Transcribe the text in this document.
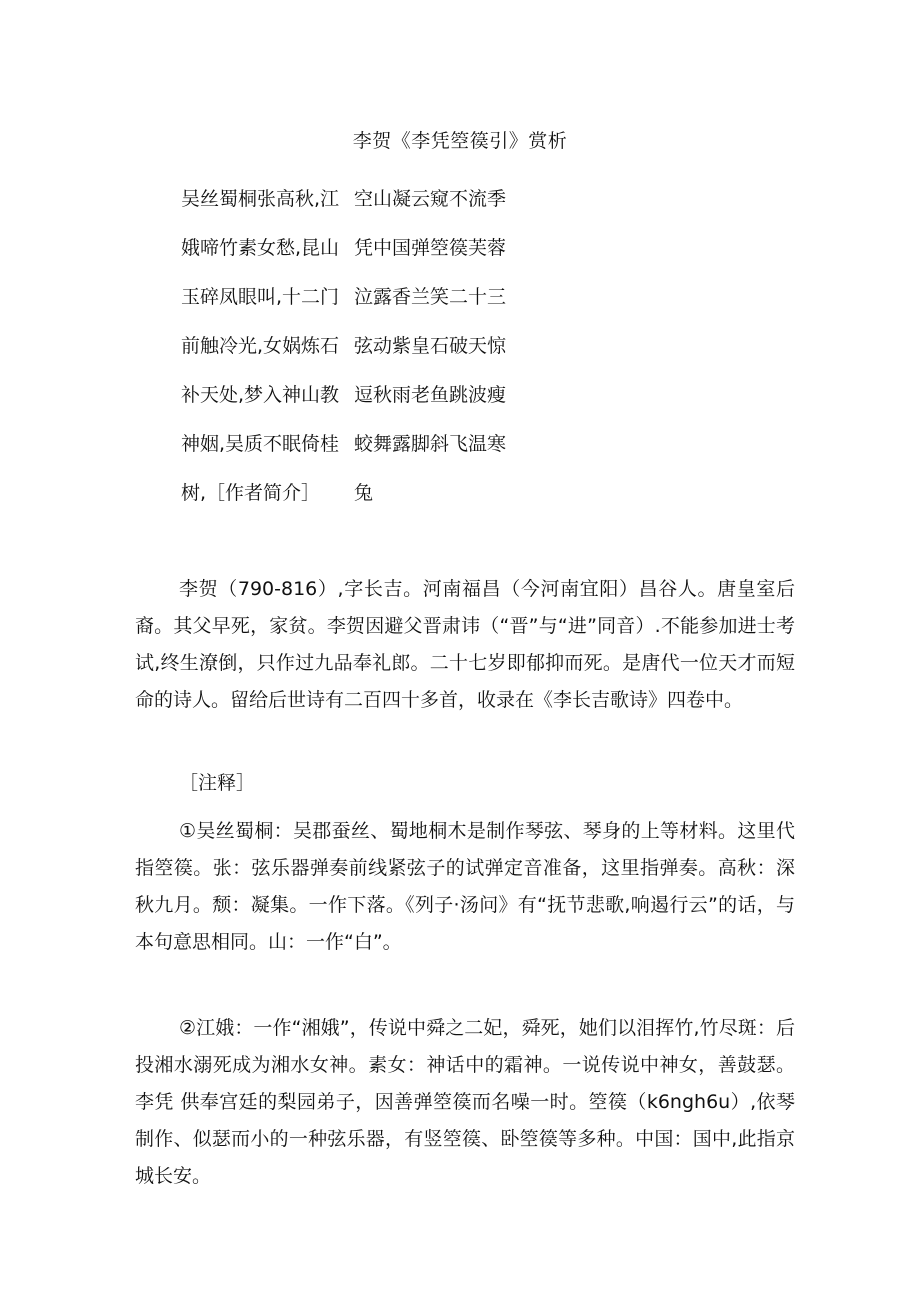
李贺《李凭箜篌引》赏析
吴丝蜀桐张高秋,江 空山凝云窥不流季
娥啼竹素女愁,昆山 凭中国弹箜篌芙蓉
玉碎凤眼叫,十二门 泣露香兰笑二十三
前触冷光,女娲炼石 弦动紫皇石破天惊
补天处,梦入神山教 逗秋雨老鱼跳波瘦
神姻,吴质不眠倚桂 蛟舞露脚斜飞温寒
树,［作者简介］ 兔

李贺（790-816）,字长吉。河南福昌（今河南宜阳）昌谷人。唐皇室后裔。其父早死，家贫。李贺因避父晋肃讳（“晋”与“进”同音）.不能参加进士考试,终生潦倒，只作过九品奉礼郎。二十七岁即郁抑而死。是唐代一位天才而短命的诗人。留给后世诗有二百四十多首，收录在《李长吉歌诗》四卷中。

［注释］

①吴丝蜀桐：吴郡蚕丝、蜀地桐木是制作琴弦、琴身的上等材料。这里代指箜篌。张：弦乐器弹奏前线紧弦子的试弹定音准备，这里指弹奏。高秋：深秋九月。颓：凝集。一作下落。《列子·汤问》有“抚节悲歌,响遏行云”的话，与本句意思相同。山：一作“白”。

②江娥：一作“湘娥”，传说中舜之二妃，舜死，她们以泪挥竹,竹尽斑：后投湘水溺死成为湘水女神。素女：神话中的霜神。一说传说中神女，善鼓瑟。李凭 供奉宫廷的梨园弟子，因善弹箜篌而名噪一时。箜篌（k6ngh6u）,依琴制作、似瑟而小的一种弦乐器，有竖箜篌、卧箜篌等多种。中国：国中,此指京城长安。
